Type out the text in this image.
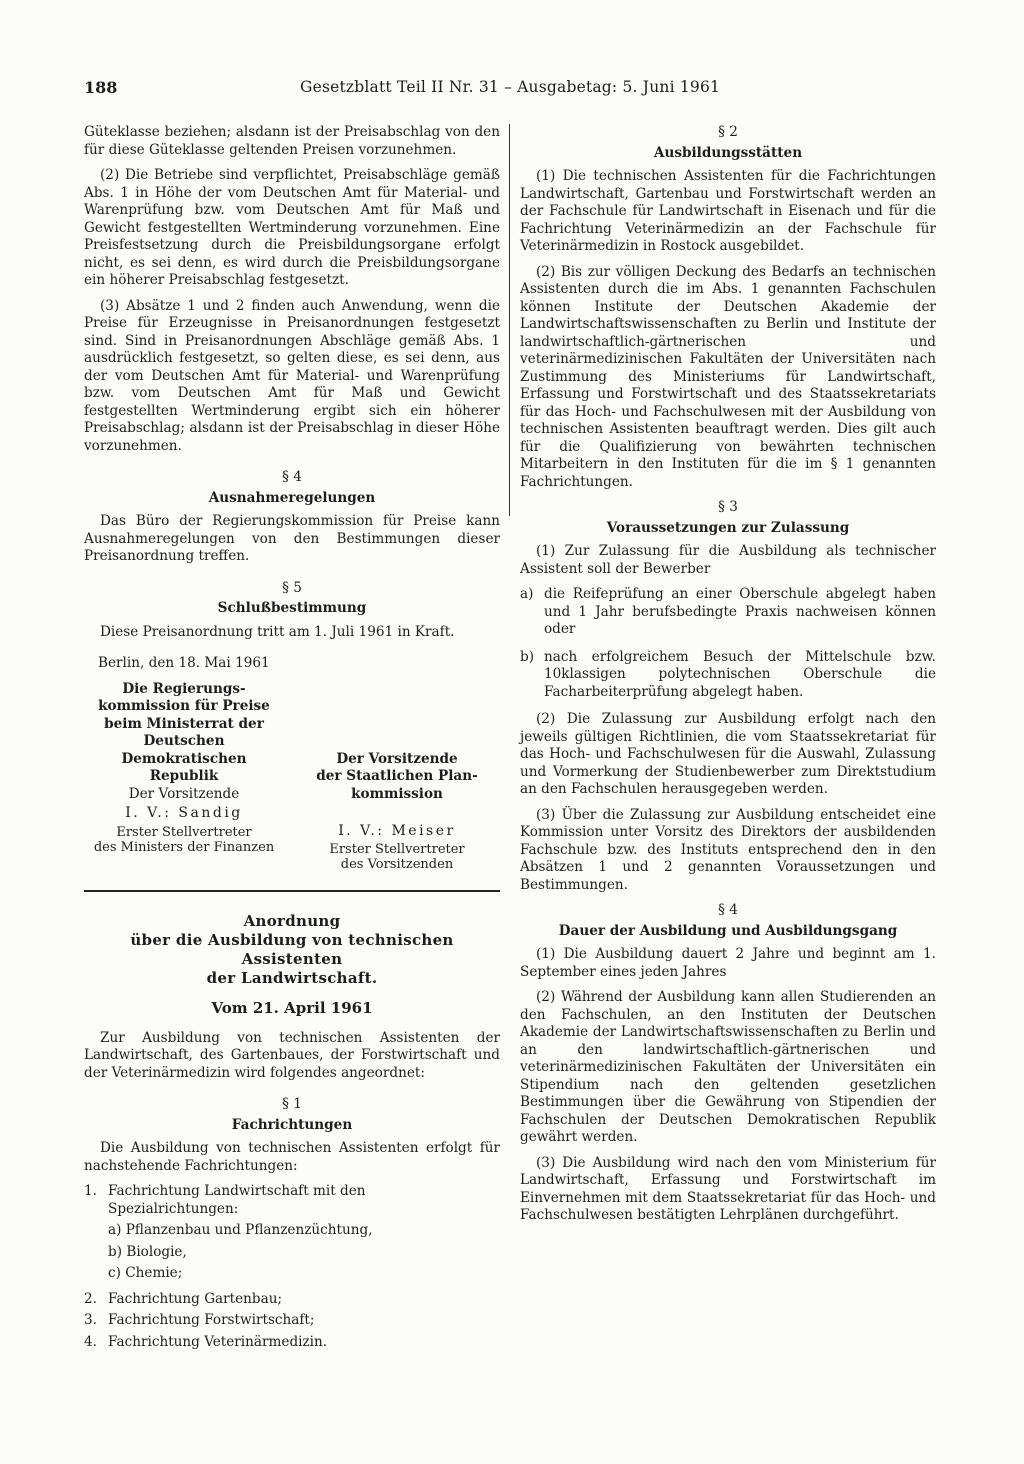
188	Gesetzblatt Teil II Nr. 31 – Ausgabetag: 5. Juni 1961

Güteklasse beziehen; alsdann ist der Preisabschlag von den für diese Güteklasse geltenden Preisen vorzunehmen.

(2) Die Betriebe sind verpflichtet, Preisabschläge gemäß Abs. 1 in Höhe der vom Deutschen Amt für Material- und Warenprüfung bzw. vom Deutschen Amt für Maß und Gewicht festgestellten Wertminderung vorzunehmen. Eine Preisfestsetzung durch die Preisbildungsorgane erfolgt nicht, es sei denn, es wird durch die Preisbildungsorgane ein höherer Preisabschlag festgesetzt.

(3) Absätze 1 und 2 finden auch Anwendung, wenn die Preise für Erzeugnisse in Preisanordnungen festgesetzt sind. Sind in Preisanordnungen Abschläge gemäß Abs. 1 ausdrücklich festgesetzt, so gelten diese, es sei denn, aus der vom Deutschen Amt für Material- und Warenprüfung bzw. vom Deutschen Amt für Maß und Gewicht festgestellten Wertminderung ergibt sich ein höherer Preisabschlag; alsdann ist der Preisabschlag in dieser Höhe vorzunehmen.

§ 4
Ausnahmeregelungen

Das Büro der Regierungskommission für Preise kann Ausnahmeregelungen von den Bestimmungen dieser Preisanordnung treffen.

§ 5
Schlußbestimmung

Diese Preisanordnung tritt am 1. Juli 1961 in Kraft.

Berlin, den 18. Mai 1961
Die Regierungs-
kommission für Preise
beim Ministerrat der
Deutschen Demokratischen
Republik
Der Vorsitzende
I. V.: Sandig
Erster Stellvertreter
des Ministers der Finanzen
Der Vorsitzende
der Staatlichen Plan-
kommission
I. V.: Meiser
Erster Stellvertreter
des Vorsitzenden
Anordnung
über die Ausbildung von technischen Assistenten
der Landwirtschaft.
Vom 21. April 1961

Zur Ausbildung von technischen Assistenten der Landwirtschaft, des Gartenbaues, der Forstwirtschaft und der Veterinärmedizin wird folgendes angeordnet:

§ 1
Fachrichtungen

Die Ausbildung von technischen Assistenten erfolgt für nachstehende Fachrichtungen:

1. Fachrichtung Landwirtschaft mit den Spezialrichtungen:
a) Pflanzenbau und Pflanzenzüchtung,
b) Biologie,
c) Chemie;
2. Fachrichtung Gartenbau;
3. Fachrichtung Forstwirtschaft;
4. Fachrichtung Veterinärmedizin.
§ 2
Ausbildungsstätten

(1) Die technischen Assistenten für die Fachrichtungen Landwirtschaft, Gartenbau und Forstwirtschaft werden an der Fachschule für Landwirtschaft in Eisenach und für die Fachrichtung Veterinärmedizin an der Fachschule für Veterinärmedizin in Rostock ausgebildet.

(2) Bis zur völligen Deckung des Bedarfs an technischen Assistenten durch die im Abs. 1 genannten Fachschulen können Institute der Deutschen Akademie der Landwirtschaftswissenschaften zu Berlin und Institute der landwirtschaftlich-gärtnerischen und veterinärmedizinischen Fakultäten der Universitäten nach Zustimmung des Ministeriums für Landwirtschaft, Erfassung und Forstwirtschaft und des Staatssekretariats für das Hoch- und Fachschulwesen mit der Ausbildung von technischen Assistenten beauftragt werden. Dies gilt auch für die Qualifizierung von bewährten technischen Mitarbeitern in den Instituten für die im § 1 genannten Fachrichtungen.

§ 3
Voraussetzungen zur Zulassung

(1) Zur Zulassung für die Ausbildung als technischer Assistent soll der Bewerber

a) die Reifeprüfung an einer Oberschule abgelegt haben und 1 Jahr berufsbedingte Praxis nachweisen können oder
b) nach erfolgreichem Besuch der Mittelschule bzw. 10klassigen polytechnischen Oberschule die Facharbeiterprüfung abgelegt haben.

(2) Die Zulassung zur Ausbildung erfolgt nach den jeweils gültigen Richtlinien, die vom Staatssekretariat für das Hoch- und Fachschulwesen für die Auswahl, Zulassung und Vormerkung der Studienbewerber zum Direktstudium an den Fachschulen herausgegeben werden.

(3) Über die Zulassung zur Ausbildung entscheidet eine Kommission unter Vorsitz des Direktors der ausbildenden Fachschule bzw. des Instituts entsprechend den in den Absätzen 1 und 2 genannten Voraussetzungen und Bestimmungen.

§ 4
Dauer der Ausbildung und Ausbildungsgang

(1) Die Ausbildung dauert 2 Jahre und beginnt am 1. September eines jeden Jahres

(2) Während der Ausbildung kann allen Studierenden an den Fachschulen, an den Instituten der Deutschen Akademie der Landwirtschaftswissenschaften zu Berlin und an den landwirtschaftlich-gärtnerischen und veterinärmedizinischen Fakultäten der Universitäten ein Stipendium nach den geltenden gesetzlichen Bestimmungen über die Gewährung von Stipendien der Fachschulen der Deutschen Demokratischen Republik gewährt werden.

(3) Die Ausbildung wird nach den vom Ministerium für Landwirtschaft, Erfassung und Forstwirtschaft im Einvernehmen mit dem Staatssekretariat für das Hoch- und Fachschulwesen bestätigten Lehrplänen durchgeführt.
